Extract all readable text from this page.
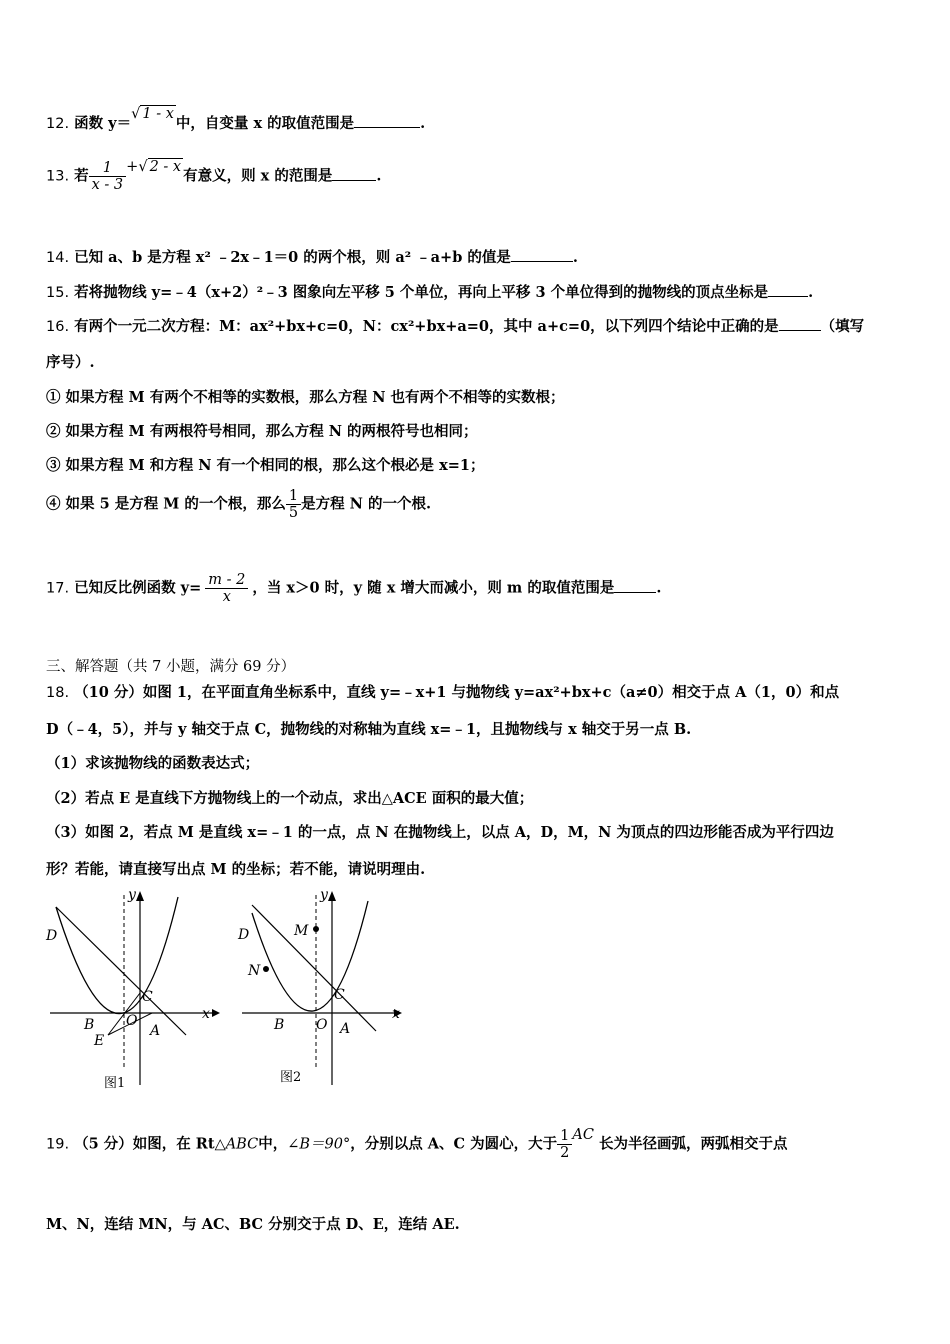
12. 函数 y＝√ 1 - x中，自变量 x 的取值范围是	.
13. 若 $\frac{1}{x - 3}$ +√ 2 - x有意义，则 x 的范围是	.
14. 已知 a、b 是方程 x² ﹣2x﹣1＝0 的两个根，则 a² ﹣a+b 的值是	.
15. 若将抛物线 y=﹣4（x+2）²﹣3 图象向左平移 5 个单位，再向上平移 3 个单位得到的抛物线的顶点坐标是	.
16. 有两个一元二次方程：M：ax²+bx+c=0，N：cx²+bx+a=0，其中 a+c=0，以下列四个结论中正确的是	（填写
序号）.
① 如果方程 M 有两个不相等的实数根，那么方程 N 也有两个不相等的实数根；
② 如果方程 M 有两根符号相同，那么方程 N 的两根符号也相同；
③ 如果方程 M 和方程 N 有一个相同的根，那么这个根必是 x=1；
④ 如果 5 是方程 M 的一个根，那么 $\frac{1}{5}$ 是方程 N 的一个根.
17. 已知反比例函数 $y= \frac{m - 2}{x}$ ，当 x＞0 时，y 随 x 增大而减小，则 m 的取值范围是	.
三、解答题（共 7 小题，满分 69 分）
18. （10 分）如图 1，在平面直角坐标系中，直线 y=﹣x+1 与抛物线 y=ax²+bx+c（a≠0）相交于点 A（1，0）和点
D（﹣4，5），并与 y 轴交于点 C，抛物线的对称轴为直线 x=﹣1，且抛物线与 x 轴交于另一点 B.
（1）求该抛物线的函数表达式；
（2）若点 E 是直线下方抛物线上的一个动点，求出△ACE 面积的最大值；
（3）如图 2，若点 M 是直线 x=﹣1 的一点，点 N 在抛物线上，以点 A，D，M，N 为顶点的四边形能否成为平行四边
形？若能，请直接写出点 M 的坐标；若不能，请说明理由.
D
y
x
C
B O
A
E
图1
D
y
M
N
x
C
B O A
图2
19. （5 分）如图，在 Rt△ABC中，∠B＝90°，分别以点 A、C 为圆心，大于 $\frac{1}{2}$ AC 长为半径画弧，两弧相交于点
M、N，连结 MN，与 AC、BC 分别交于点 D、E，连结 AE.
